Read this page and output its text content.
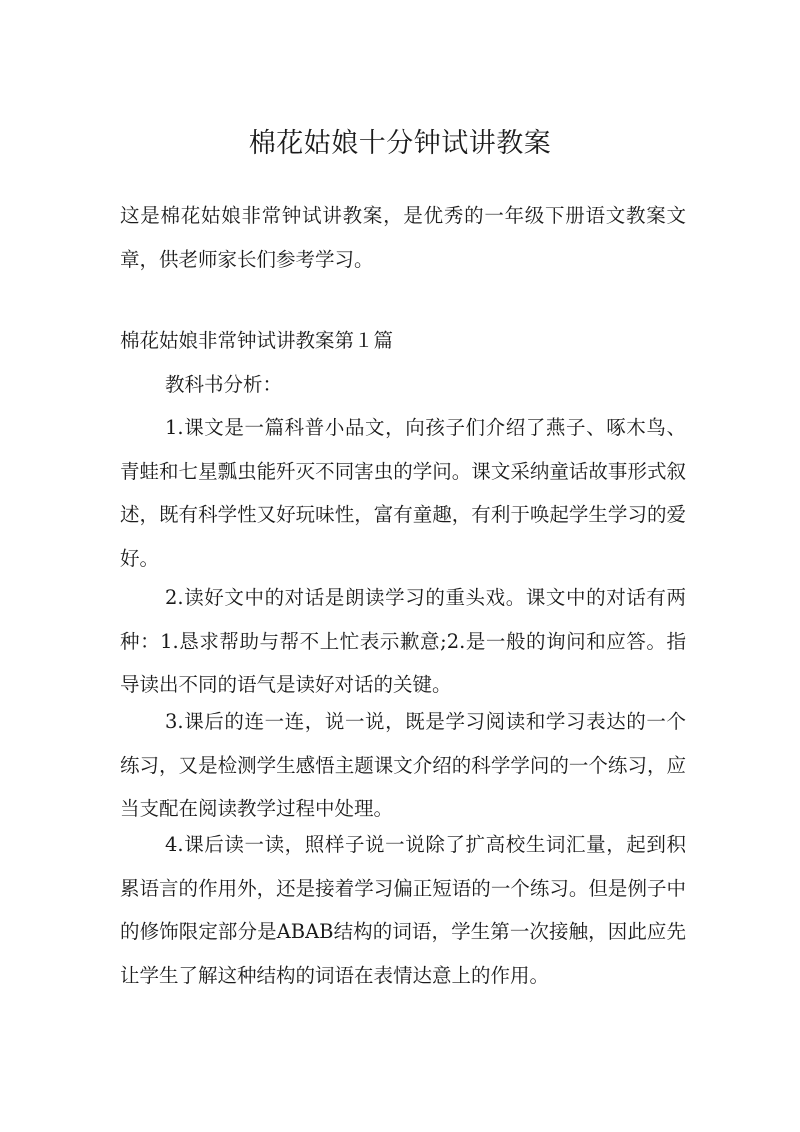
棉花姑娘十分钟试讲教案

这是棉花姑娘非常钟试讲教案，是优秀的一年级下册语文教案文章，供老师家长们参考学习。

棉花姑娘非常钟试讲教案第１篇

教科书分析：

1.课文是一篇科普小品文，向孩子们介绍了燕子、啄木鸟、青蛙和七星瓢虫能歼灭不同害虫的学问。课文采纳童话故事形式叙述，既有科学性又好玩味性，富有童趣，有利于唤起学生学习的爱好。

2.读好文中的对话是朗读学习的重头戏。课文中的对话有两种：1.恳求帮助与帮不上忙表示歉意;2.是一般的询问和应答。指导读出不同的语气是读好对话的关键。

3.课后的连一连，说一说，既是学习阅读和学习表达的一个练习，又是检测学生感悟主题课文介绍的科学学问的一个练习，应当支配在阅读教学过程中处理。

4.课后读一读，照样子说一说除了扩高校生词汇量，起到积累语言的作用外，还是接着学习偏正短语的一个练习。但是例子中的修饰限定部分是ABAB结构的词语，学生第一次接触，因此应先让学生了解这种结构的词语在表情达意上的作用。
